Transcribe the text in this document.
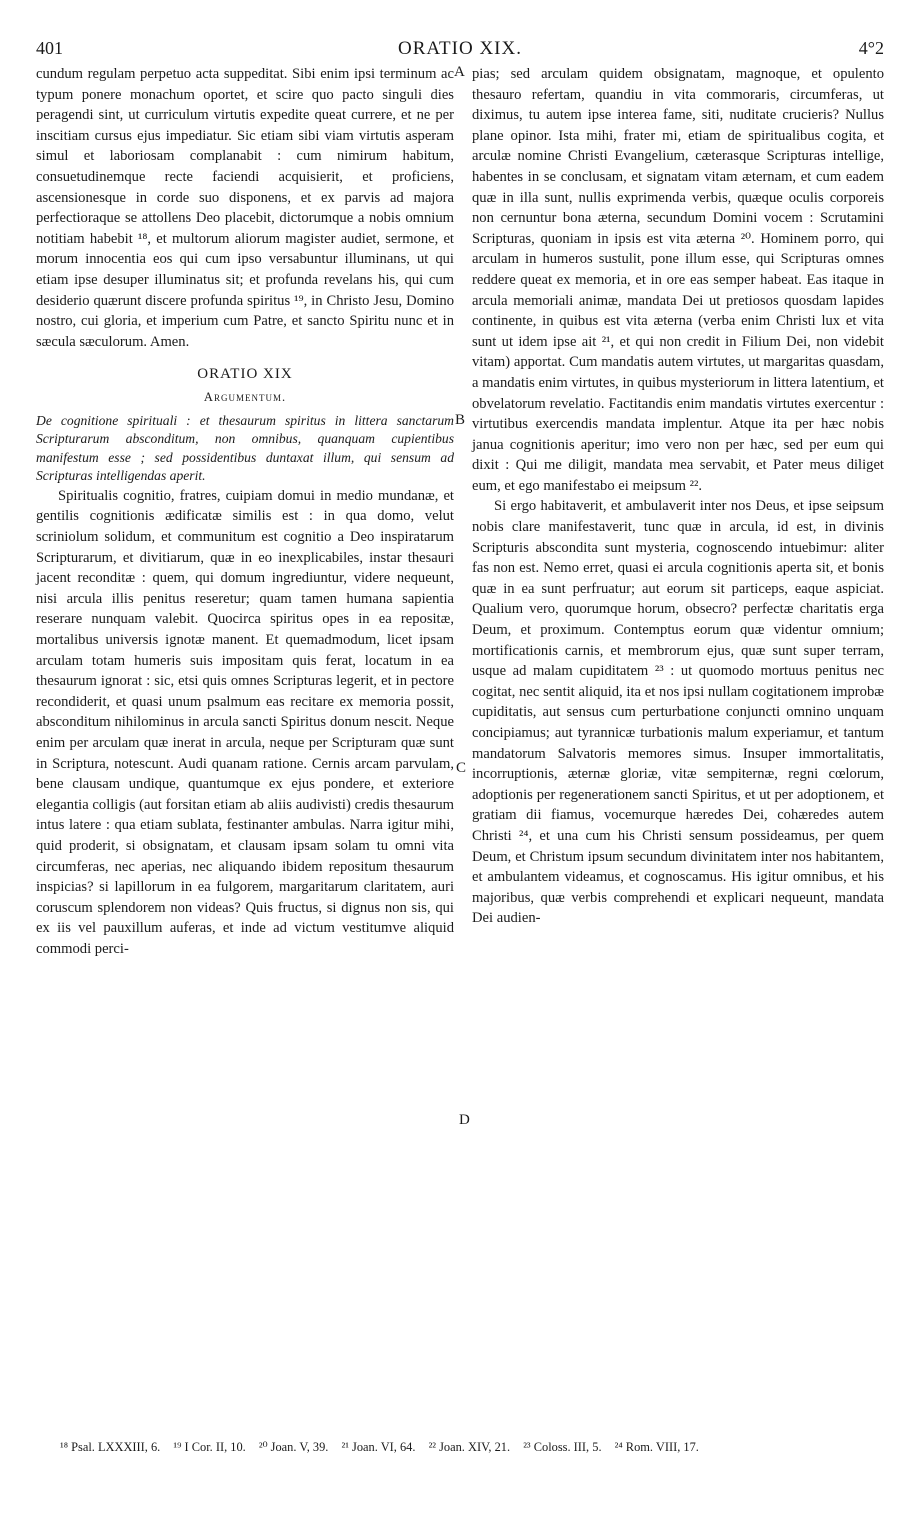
401	ORATIO XIX.	4°2
A
B
C
D

cundum regulam perpetuo acta suppeditat. Sibi enim ipsi terminum ac typum ponere monachum oportet, et scire quo pacto singuli dies peragendi sint, ut curriculum virtutis expedite queat currere, et ne per inscitiam cursus ejus impediatur. Sic etiam sibi viam virtutis asperam simul et laboriosam complanabit : cum nimirum habitum, consuetudinemque recte faciendi acquisierit, et proficiens, ascensionesque in corde suo disponens, et ex parvis ad majora perfectioraque se attollens Deo placebit, dictorumque a nobis omnium notitiam habebit ¹⁸, et multorum aliorum magister audiet, sermone, et morum innocentia eos qui cum ipso versabuntur illuminans, ut qui etiam ipse desuper illuminatus sit; et profunda revelans his, qui cum desiderio quærunt discere profunda spiritus ¹⁹, in Christo Jesu, Domino nostro, cui gloria, et imperium cum Patre, et sancto Spiritu nunc et in sæcula sæculorum. Amen.

ORATIO XIX
Argumentum.

De cognitione spirituali : et thesaurum spiritus in littera sanctarum Scripturarum absconditum, non omnibus, quanquam cupientibus manifestum esse ; sed possidentibus duntaxat illum, qui sensum ad Scripturas intelligendas aperit.

Spiritualis cognitio, fratres, cuipiam domui in medio mundanæ, et gentilis cognitionis ædificatæ similis est : in qua domo, velut scriniolum solidum, et communitum est cognitio a Deo inspiratarum Scripturarum, et divitiarum, quæ in eo inexplicabiles, instar thesauri jacent reconditæ : quem, qui domum ingrediuntur, videre nequeunt, nisi arcula illis penitus reseretur; quam tamen humana sapientia reserare nunquam valebit. Quocirca spiritus opes in ea repositæ, mortalibus universis ignotæ manent. Et quemadmodum, licet ipsam arculam totam humeris suis impositam quis ferat, locatum in ea thesaurum ignorat : sic, etsi quis omnes Scripturas legerit, et in pectore recondiderit, et quasi unum psalmum eas recitare ex memoria possit, absconditum nihilominus in arcula sancti Spiritus donum nescit. Neque enim per arculam quæ inerat in arcula, neque per Scripturam quæ sunt in Scriptura, notescunt. Audi quanam ratione. Cernis arcam parvulam, bene clausam undique, quantumque ex ejus pondere, et exteriore elegantia colligis (aut forsitan etiam ab aliis audivisti) credis thesaurum intus latere : qua etiam sublata, festinanter ambulas. Narra igitur mihi, quid proderit, si obsignatam, et clausam ipsam solam tu omni vita circumferas, nec aperias, nec aliquando ibidem repositum thesaurum inspicias? si lapillorum in ea fulgorem, margaritarum claritatem, auri coruscum splendorem non videas? Quis fructus, si dignus non sis, qui ex iis vel pauxillum auferas, et inde ad victum vestitumve aliquid commodi perci-

pias; sed arculam quidem obsignatam, magnoque, et opulento thesauro refertam, quandiu in vita commoraris, circumferas, ut diximus, tu autem ipse interea fame, siti, nuditate crucieris? Nullus plane opinor. Ista mihi, frater mi, etiam de spiritualibus cogita, et arculæ nomine Christi Evangelium, cæterasque Scripturas intellige, habentes in se conclusam, et signatam vitam æternam, et cum eadem quæ in illa sunt, nullis exprimenda verbis, quæque oculis corporeis non cernuntur bona æterna, secundum Domini vocem : Scrutamini Scripturas, quoniam in ipsis est vita æterna ²⁰. Hominem porro, qui arculam in humeros sustulit, pone illum esse, qui Scripturas omnes reddere queat ex memoria, et in ore eas semper habeat. Eas itaque in arcula memoriali animæ, mandata Dei ut pretiosos quosdam lapides continente, in quibus est vita æterna (verba enim Christi lux et vita sunt ut idem ipse ait ²¹, et qui non credit in Filium Dei, non videbit vitam) apportat. Cum mandatis autem virtutes, ut margaritas quasdam, a mandatis enim virtutes, in quibus mysteriorum in littera latentium, et obvelatorum revelatio. Factitandis enim mandatis virtutes exercentur : virtutibus exercendis mandata implentur. Atque ita per hæc nobis janua cognitionis aperitur; imo vero non per hæc, sed per eum qui dixit : Qui me diligit, mandata mea servabit, et Pater meus diliget eum, et ego manifestabo ei meipsum ²².

Si ergo habitaverit, et ambulaverit inter nos Deus, et ipse seipsum nobis clare manifestaverit, tunc quæ in arcula, id est, in divinis Scripturis abscondita sunt mysteria, cognoscendo intuebimur: aliter fas non est. Nemo erret, quasi ei arcula cognitionis aperta sit, et bonis quæ in ea sunt perfruatur; aut eorum sit particeps, eaque aspiciat. Qualium vero, quorumque horum, obsecro? perfectæ charitatis erga Deum, et proximum. Contemptus eorum quæ videntur omnium; mortificationis carnis, et membrorum ejus, quæ sunt super terram, usque ad malam cupiditatem ²³ : ut quomodo mortuus penitus nec cogitat, nec sentit aliquid, ita et nos ipsi nullam cogitationem improbæ cupiditatis, aut sensus cum perturbatione conjuncti omnino unquam concipiamus; aut tyrannicæ turbationis malum experiamur, et tantum mandatorum Salvatoris memores simus. Insuper immortalitatis, incorruptionis, æternæ gloriæ, vitæ sempiternæ, regni cœlorum, adoptionis per regenerationem sancti Spiritus, et ut per adoptionem, et gratiam dii fiamus, vocemurque hæredes Dei, cohæredes autem Christi ²⁴, et una cum his Christi sensum possideamus, per quem Deum, et Christum ipsum secundum divinitatem inter nos habitantem, et ambulantem videamus, et cognoscamus. His igitur omnibus, et his majoribus, quæ verbis comprehendi et explicari nequeunt, mandata Dei audien-

¹⁸ Psal. LXXXIII, 6. ¹⁹ I Cor. II, 10. ²⁰ Joan. V, 39. ²¹ Joan. VI, 64. ²² Joan. XIV, 21. ²³ Coloss. III, 5. ²⁴ Rom. VIII, 17.
